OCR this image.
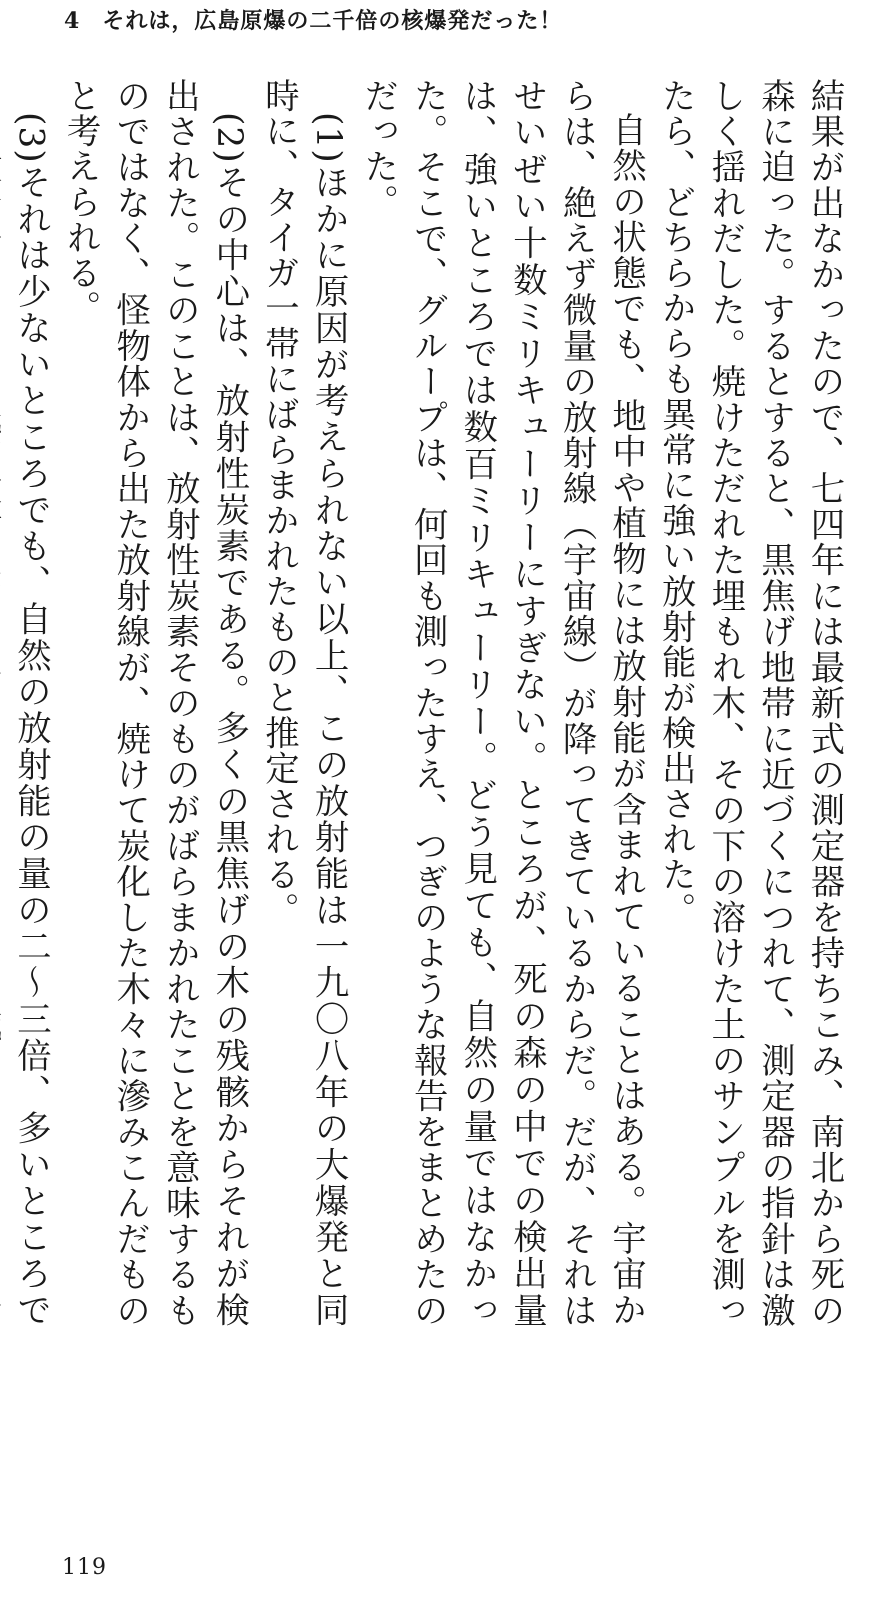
4 それは，広島原爆の二千倍の核爆発だった！

結果が出なかったので、七四年には最新式の測定器を持ちこみ、南北から死の森に迫った。するとすると、黒焦げ地帯に近づくにつれて、測定器の指針は激しく揺れだした。焼けただれた埋もれ木、その下の溶けた土のサンプルを測ったら、どちらからも異常に強い放射能が検出された。

自然の状態でも、地中や植物には放射能が含まれていることはある。宇宙からは、絶えず微量の放射線（宇宙線）が降ってきているからだ。だが、それはせいぜい十数ミリキューリーにすぎない。ところが、死の森の中での検出量は、強いところでは数百ミリキューリー。どう見ても、自然の量ではなかった。そこで、グループは、何回も測ったすえ、つぎのような報告をまとめたのだった。

(1)ほかに原因が考えられない以上、この放射能は一九〇八年の大爆発と同時に、タイガ一帯にばらまかれたものと推定される。

(2)その中心は、放射性炭素である。多くの黒焦げの木の残骸からそれが検出された。このことは、放射性炭素そのものがばらまかれたことを意味するものではなく、怪物体から出た放射線が、焼けて炭化した木々に滲みこんだものと考えられる。

(3)それは少ないところでも、自然の放射能の量の二〜三倍、多いところで

119
